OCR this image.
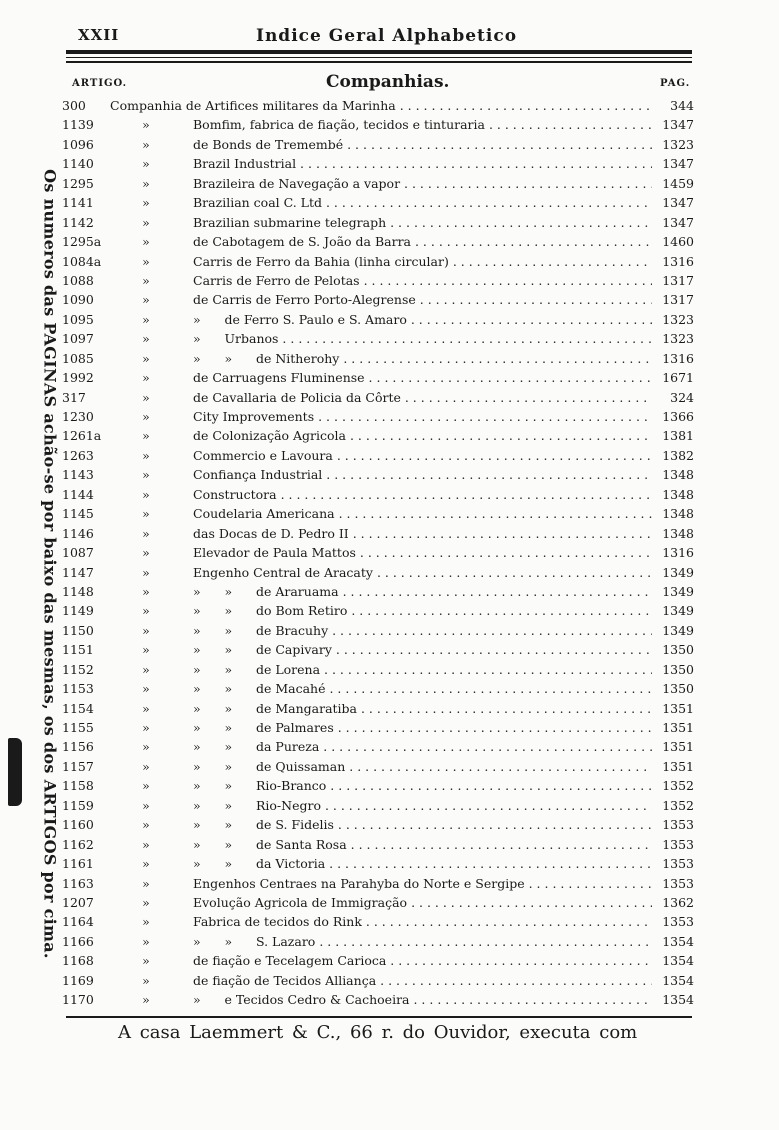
XXII	Indice Geral Alphabetico
ARTIGO.	Companhias.	PAG.
Os numeros das PAGINAS achão-se por baixo das mesmas, os dos ARTIGOS por cima.
300	Companhia de Artifices militares da Marinha . . .	344
1139	»	Bomfim, fabrica de fiação, tecidos e tinturaria . . .	1347
1096	»	de Bonds de Tremembé . . .	1323
1140	»	Brazil Industrial . . .	1347
1295	»	Brazileira de Navegação a vapor . . .	1459
1141	»	Brazilian coal C. Ltd . . .	1347
1142	»	Brazilian submarine telegraph . . .	1347
1295a	»	de Cabotagem de S. João da Barra . . .	1460
1084a	»	Carris de Ferro da Bahia (linha circular) . . .	1316
1088	»	Carris de Ferro de Pelotas . . .	1317
1090	»	de Carris de Ferro Porto-Alegrense . . .	1317
1095	»	»      de Ferro S. Paulo e S. Amaro . . .	1323
1097	»	»      Urbanos . . .	1323
1085	»	»      »      de Nitherohy . . .	1316
1992	»	de Carruagens Fluminense . . .	1671
317	»	de Cavallaria de Policia da Côrte . . .	324
1230	»	City Improvements . . .	1366
1261a	»	de Colonização Agricola . . .	1381
1263	»	Commercio e Lavoura . . .	1382
1143	»	Confiança Industrial . . .	1348
1144	»	Constructora . . .	1348
1145	»	Coudelaria Americana . . .	1348
1146	»	das Docas de D. Pedro II . . .	1348
1087	»	Elevador de Paula Mattos . . .	1316
1147	»	Engenho Central de Aracaty . . .	1349
1148	»	»      »      de Araruama . . .	1349
1149	»	»      »      do Bom Retiro . . .	1349
1150	»	»      »      de Bracuhy . . .	1349
1151	»	»      »      de Capivary . . .	1350
1152	»	»      »      de Lorena . . .	1350
1153	»	»      »      de Macahé . . .	1350
1154	»	»      »      de Mangaratiba . . .	1351
1155	»	»      »      de Palmares . . .	1351
1156	»	»      »      da Pureza . . .	1351
1157	»	»      »      de Quissaman . . .	1351
1158	»	»      »      Rio-Branco . . .	1352
1159	»	»      »      Rio-Negro . . .	1352
1160	»	»      »      de S. Fidelis . . .	1353
1162	»	»      »      de Santa Rosa . . .	1353
1161	»	»      »      da Victoria . . .	1353
1163	»	Engenhos Centraes na Parahyba do Norte e Sergipe . . .	1353
1207	»	Evolução Agricola de Immigração . . .	1362
1164	»	Fabrica de tecidos do Rink . . .	1353
1166	»	»      »      S. Lazaro . . .	1354
1168	»	de fiação e Tecelagem Carioca . . .	1354
1169	»	de fiação de Tecidos Alliança . . .	1354
1170	»	»      e Tecidos Cedro & Cachoeira . . .	1354
A casa Laemmert & C., 66 r. do Ouvidor, executa com
